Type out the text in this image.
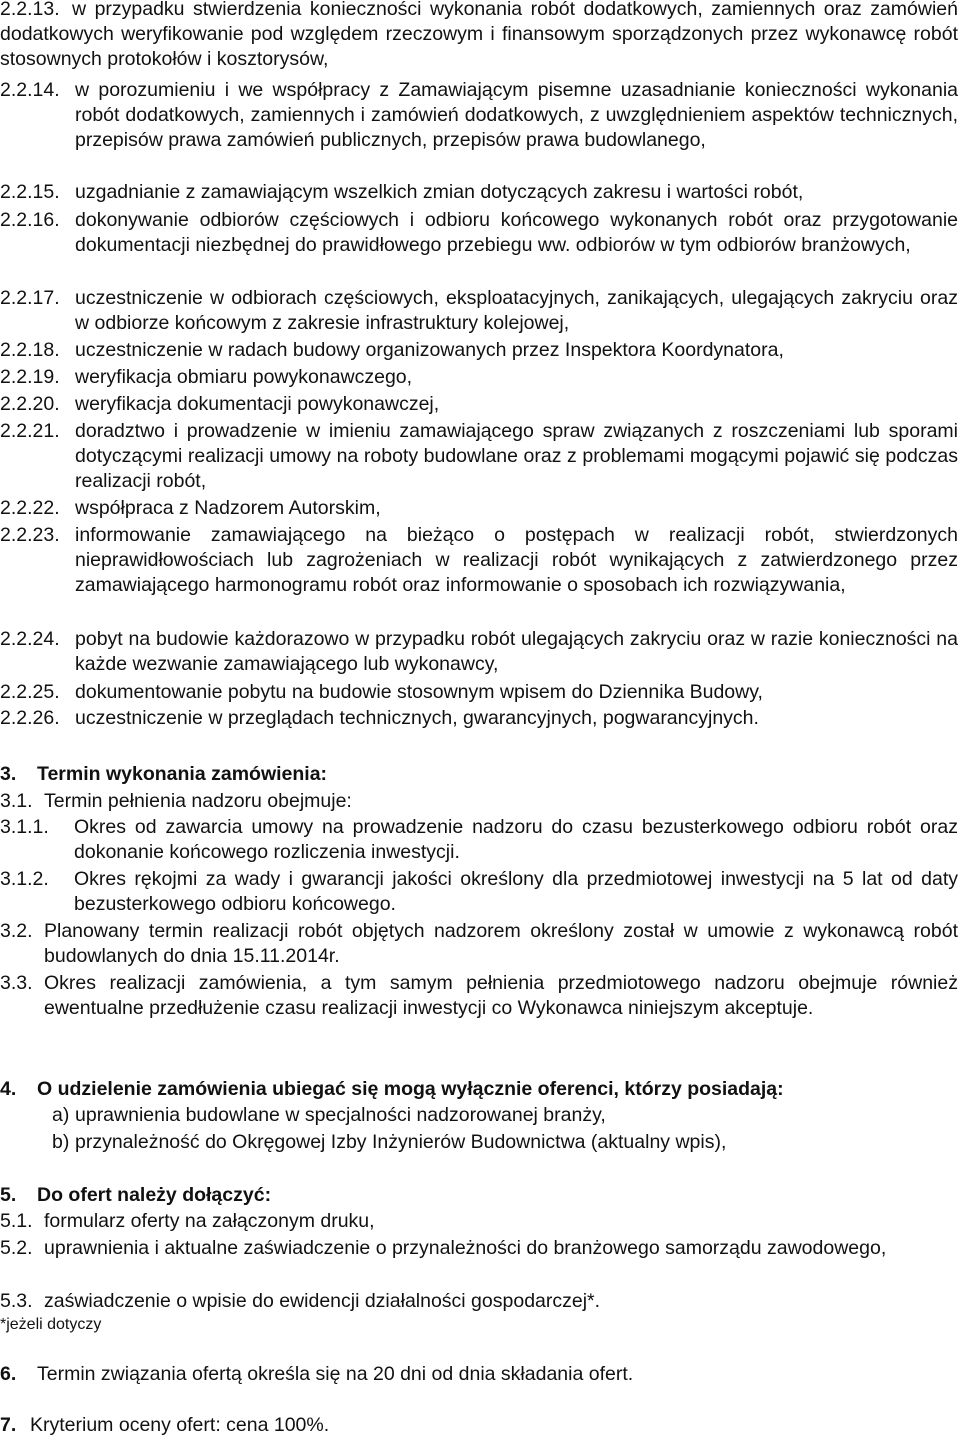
2.2.13. w przypadku stwierdzenia konieczności wykonania robót dodatkowych, zamiennych oraz zamówień dodatkowych weryfikowanie pod względem rzeczowym i finansowym sporządzonych przez wykonawcę robót stosownych protokołów i kosztorysów,
2.2.14. w porozumieniu i we współpracy z Zamawiającym pisemne uzasadnianie konieczności wykonania robót dodatkowych, zamiennych i zamówień dodatkowych, z uwzględnieniem aspektów technicznych, przepisów prawa zamówień publicznych, przepisów prawa budowlanego,
2.2.15. uzgadnianie z zamawiającym wszelkich zmian dotyczących zakresu i wartości robót,
2.2.16. dokonywanie odbiorów częściowych i odbioru końcowego wykonanych robót oraz przygotowanie dokumentacji niezbędnej do prawidłowego przebiegu ww. odbiorów w tym odbiorów branżowych,
2.2.17. uczestniczenie w odbiorach częściowych, eksploatacyjnych, zanikających, ulegających zakryciu oraz w odbiorze końcowym z zakresie infrastruktury kolejowej,
2.2.18. uczestniczenie w radach budowy organizowanych przez Inspektora Koordynatora,
2.2.19. weryfikacja obmiaru powykonawczego,
2.2.20. weryfikacja dokumentacji powykonawczej,
2.2.21. doradztwo i prowadzenie w imieniu zamawiającego spraw związanych z roszczeniami lub sporami dotyczącymi realizacji umowy na roboty budowlane oraz z problemami mogącymi pojawić się podczas realizacji robót,
2.2.22. współpraca z Nadzorem Autorskim,
2.2.23. informowanie zamawiającego na bieżąco o postępach w realizacji robót, stwierdzonych nieprawidłowościach lub zagrożeniach w realizacji robót wynikających z zatwierdzonego przez zamawiającego harmonogramu robót oraz informowanie o sposobach ich rozwiązywania,
2.2.24. pobyt na budowie każdorazowo w przypadku robót ulegających zakryciu oraz w razie konieczności na każde wezwanie zamawiającego lub wykonawcy,
2.2.25. dokumentowanie pobytu na budowie stosownym wpisem do Dziennika Budowy,
2.2.26. uczestniczenie w przeglądach technicznych, gwarancyjnych, pogwarancyjnych.
3. Termin wykonania zamówienia:
3.1. Termin pełnienia nadzoru obejmuje:
3.1.1. Okres od zawarcia umowy na prowadzenie nadzoru do czasu bezusterkowego odbioru robót oraz dokonanie końcowego rozliczenia inwestycji.
3.1.2. Okres rękojmi za wady i gwarancji jakości określony dla przedmiotowej inwestycji na 5 lat od daty bezusterkowego odbioru końcowego.
3.2. Planowany termin realizacji robót objętych nadzorem określony został w umowie z wykonawcą robót budowlanych do dnia 15.11.2014r.
3.3. Okres realizacji zamówienia, a tym samym pełnienia przedmiotowego nadzoru obejmuje również ewentualne przedłużenie czasu realizacji inwestycji co Wykonawca niniejszym akceptuje.
4. O udzielenie zamówienia ubiegać się mogą wyłącznie oferenci, którzy posiadają:
a) uprawnienia budowlane w specjalności nadzorowanej branży,
b) przynależność do Okręgowej Izby Inżynierów Budownictwa (aktualny wpis),
5. Do ofert należy dołączyć:
5.1. formularz oferty na załączonym druku,
5.2. uprawnienia i aktualne zaświadczenie o przynależności do branżowego samorządu zawodowego,
5.3. zaświadczenie o wpisie do ewidencji działalności gospodarczej*.
*jeżeli dotyczy
6. Termin związania ofertą określa się na 20 dni od dnia składania ofert.
7. Kryterium oceny ofert: cena 100%.
